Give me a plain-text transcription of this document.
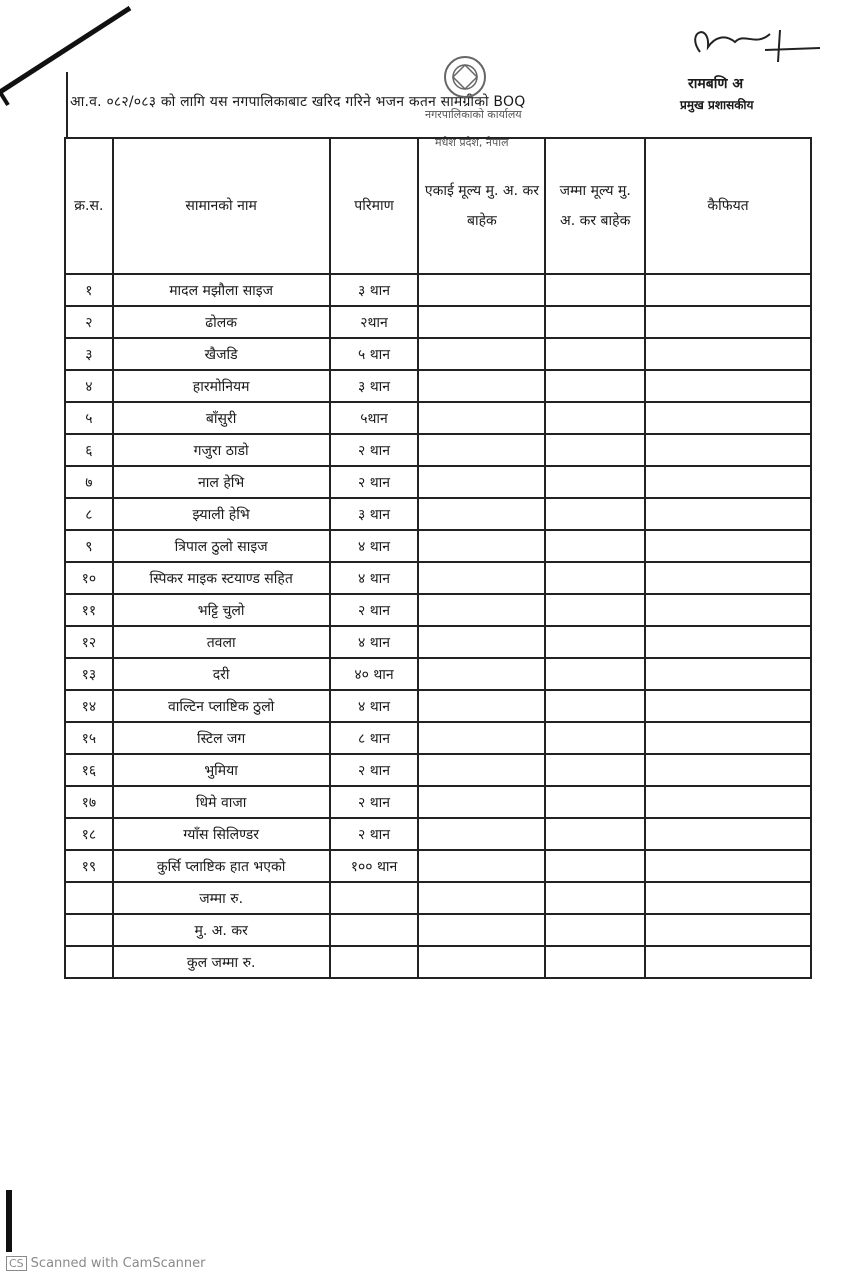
आ.व. ०८२/०८३ को लागि यस नगपालिकाबाट खरिद गरिने भजन कतन सामग्रीको BOQ
नगरपालिकाको कार्यालय
मधेश प्रदेश, नेपाल
रामबणि अ
प्रमुख प्रशासकीय
क्र.स.	सामानको नाम	परिमाण	एकाई मूल्य मु. अ. कर बाहेक	जम्मा मूल्य मु. अ. कर बाहेक	कैफियत
१	मादल मझौला साइज	३ थान			
२	ढोलक	२थान			
३	खैजडि	५ थान			
४	हारमोनियम	३ थान			
५	बाँसुरी	५थान			
६	गजुरा ठाडो	२ थान			
७	नाल हेभि	२ थान			
८	झ्याली हेभि	३ थान			
९	त्रिपाल ठुलो साइज	४ थान			
१०	स्पिकर माइक स्टयाण्ड सहित	४ थान			
११	भट्टि चुलो	२ थान			
१२	तवला	४ थान			
१३	दरी	४० थान			
१४	वाल्टिन प्लाष्टिक ठुलो	४ थान			
१५	स्टिल जग	८ थान			
१६	भुमिया	२ थान			
१७	धिमे वाजा	२ थान			
१८	ग्याँस सिलिण्डर	२ थान			
१९	कुर्सि प्लाष्टिक हात भएको	१०० थान			
	जम्मा रु.				
	मु. अ. कर				
	कुल जम्मा रु.				
CS Scanned with CamScanner
